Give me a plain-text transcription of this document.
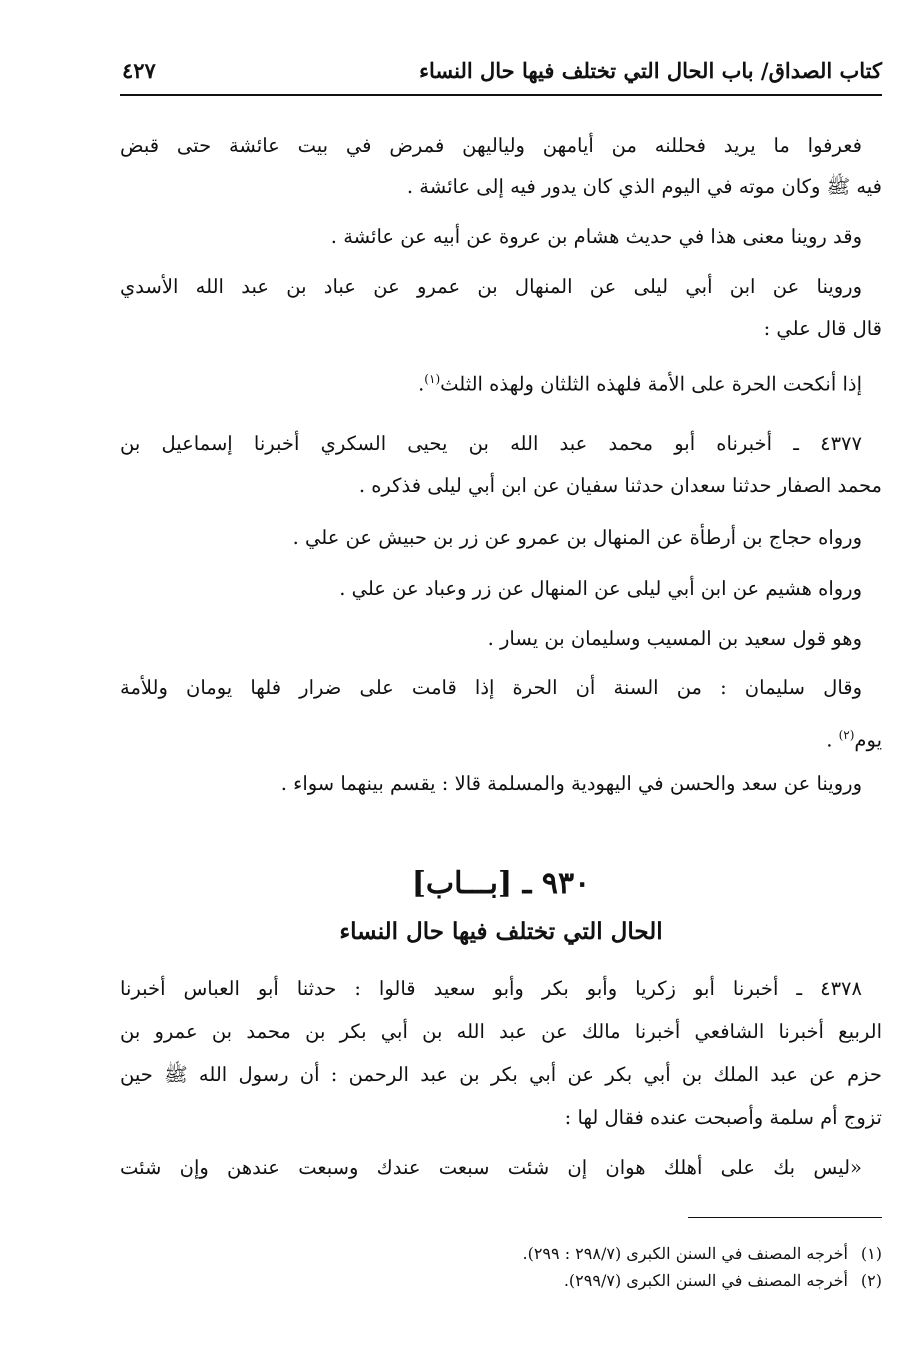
كتاب الصداق/ باب الحال التي تختلف فيها حال النساء
٤٢٧
فعرفوا ما يريد فحللنه من أيامهن ولياليهن فمرض في بيت عائشة حتى قبض
فيه ﷺ وكان موته في اليوم الذي كان يدور فيه إلى عائشة .
وقد روينا معنى هذا في حديث هشام بن عروة عن أبيه عن عائشة .
وروينا عن ابن أبي ليلى عن المنهال بن عمرو عن عباد بن عبد الله الأسدي
قال قال علي :
إذا أنكحت الحرة على الأمة فلهذه الثلثان ولهذه الثلث$^{(١)}$.
٤٣٧٧ ـ أخبرناه أبو محمد عبد الله بن يحيى السكري أخبرنا إسماعيل بن
محمد الصفار حدثنا سعدان حدثنا سفيان عن ابن أبي ليلى فذكره .
ورواه حجاج بن أرطأة عن المنهال بن عمرو عن زر بن حبيش عن علي .
ورواه هشيم عن ابن أبي ليلى عن المنهال عن زر وعباد عن علي .
وهو قول سعيد بن المسيب وسليمان بن يسار .
وقال سليمان : من السنة أن الحرة إذا قامت على ضرار فلها يومان وللأمة
يوم$^{(٢)}$ .
وروينا عن سعد والحسن في اليهودية والمسلمة قالا : يقسم بينهما سواء .
٩٣٠ ـ [بـــاب]
الحال التي تختلف فيها حال النساء
٤٣٧٨ ـ أخبرنا أبو زكريا وأبو بكر وأبو سعيد قالوا : حدثنا أبو العباس أخبرنا
الربيع أخبرنا الشافعي أخبرنا مالك عن عبد الله بن أبي بكر بن محمد بن عمرو بن
حزم عن عبد الملك بن أبي بكر عن أبي بكر بن عبد الرحمن : أن رسول الله ﷺ حين
تزوج أم سلمة وأصبحت عنده فقال لها :
«ليس بك على أهلك هوان إن شئت سبعت عندك وسبعت عندهن وإن شئت
(١)أخرجه المصنف في السنن الكبرى (٢٩٨/٧ : ٢٩٩).
(٢)أخرجه المصنف في السنن الكبرى (٢٩٩/٧).
